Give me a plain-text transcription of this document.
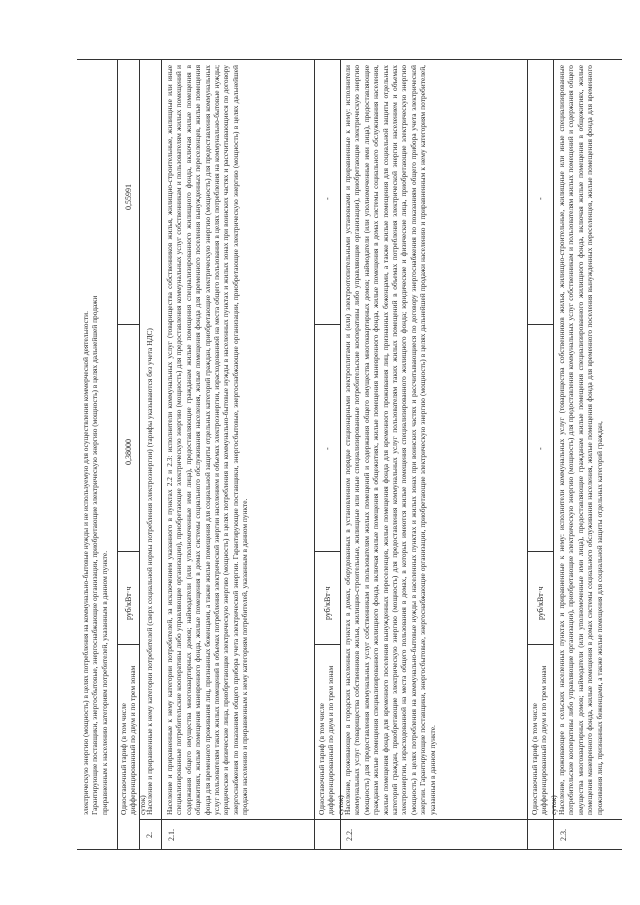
электрическую энергию (мощность) в целях потребления на коммунально-бытовые нужды и не используемую для осуществления коммерческой деятельности. Гарантирующие поставщики, энергосбытовые, энергоснабжающие организации, приобретающие электрическую энергию (мощность) в целях дальнейшей продажи приравненным к населению категориям потребителей, указанным в данном пункте. Одноставочный тариф (в том числе дифференцированный по двум и по трем зонам суток)
руб/кВт·ч
0,38000
0,55991
2.
Население и приравненные к нему категории потребителей (сверх социальной нормы потребления электроэнергии) (тарифы указываются без учета НДС)
2.1.

Население и приравненные к нему категории потребителей, за исключением указанного в пунктах 2.2 и 2.3: исполнители коммунальных услуг (товарищества собственников жилья, жилищно-строительные, жилищные или иные специализированные потребительские кооперативы либо управляющие организации), приобретающие электрическую энергию (мощность) для предоставления коммунальных услуг собственникам и пользователям жилых помещений и содержания общего имущества многоквартирных домов; наймодатели (или уполномоченные ими лица), предоставляющие гражданам жилые помещения специализированного жилищного фонда, включая жилые помещения в общежитиях, жилые помещения маневренного фонда, жилые помещения в домах системы социального обслуживания населения, жилые помещения фонда для временного поселения вынужденных переселенцев, жилые помещения фонда для временного проживания лиц, признанных беженцами, а также жилые помещения для социальной защиты отдельных категорий граждан, приобретающие электрическую энергию (мощность) для предоставления коммунальных услуг пользователям таких жилых помещений в объемах потребления электрической энергии населением и объемах электроэнергии, израсходованной на места общего пользования в целях потребления на коммунально-бытовые нужды; юридические и физические лица, приобретающие электрическую энергию (мощность) в целях потребления на коммунально-бытовые нужды в населенных пунктах и жилых зонах при воинских частях и рассчитывающиеся по договору энергоснабжения по показаниям общего прибора учета электрической энергии. Гарантирующие поставщики, энергосбытовые, энергоснабжающие организации, приобретающие электрическую энергию (мощность) в целях дальнейшей продажи населению и приравненным к нему категориям потребителей, указанным в данном пункте.	Одноставочный тариф (в том числе дифференцированный по двум и по трем зонам суток)
руб/кВт·ч
-
-
2.2.

Население, проживающее в городских населенных пунктах в домах, оборудованных в установленном порядке стационарными электроплитами и (или) электроотопительными установками и приравненные к нему: исполнители коммунальных услуг (товарищества собственников жилья, жилищно-строительные, жилищные или иные специализированные потребительские кооперативы либо управляющие организации), приобретающие электрическую энергию (мощность) для предоставления коммунальных услуг собственникам и пользователям жилых помещений и содержания общего имущества многоквартирных домов; наймодатели (или уполномоченные ими лица), предоставляющие гражданам жилые помещения специализированного жилищного фонда, включая жилые помещения в общежитиях, жилые помещения маневренного фонда, жилые помещения в домах системы социального обслуживания населения, жилые помещения фонда для временного поселения вынужденных переселенцев, жилые помещения фонда для временного проживания лиц, признанных беженцами, а также жилые помещения для социальной защиты отдельных категорий граждан, приобретающие электрическую энергию (мощность) для предоставления коммунальных услуг пользователям таких жилых помещений в объемах потребления электрической энергии населением и объемах электроэнергии, израсходованной на места общего пользования в домах, в которых имеются жилые помещения специализированного жилищного фонда; юридические и физические лица, приобретающие электрическую энергию (мощность) в целях потребления на коммунально-бытовые нужды в населенных пунктах и жилых зонах при воинских частях и рассчитывающиеся по договору энергоснабжения по показаниям общего прибора учета электрической энергии. Гарантирующие поставщики, энергосбытовые, энергоснабжающие организации, приобретающие электрическую энергию (мощность) в целях дальнейшей продажи населению и приравненным к нему категориям потребителей, указанным в данном пункте.	Одноставочный тариф (в том числе дифференцированный по двум и по трем зонам суток)
руб/кВт·ч
-
-
2.3.

Население, проживающее в сельских населенных пунктах и приравненные к нему: исполнители коммунальных услуг (товарищества собственников жилья, жилищно-строительные, жилищные или иные специализированные потребительские кооперативы либо управляющие организации), приобретающие электрическую энергию (мощность) для предоставления коммунальных услуг собственникам и пользователям жилых помещений и содержания общего имущества многоквартирных домов; наймодатели (или уполномоченные ими лица), предоставляющие гражданам жилые помещения специализированного жилищного фонда, включая жилые помещения в общежитиях, жилые помещения маневренного фонда, жилые помещения в домах системы социального обслуживания населения, жилые помещения фонда для временного поселения вынужденных переселенцев, жилые помещения фонда для временного проживания лиц, признанных беженцами, а также жилые помещения для социальной защиты отдельных категорий граждан,
